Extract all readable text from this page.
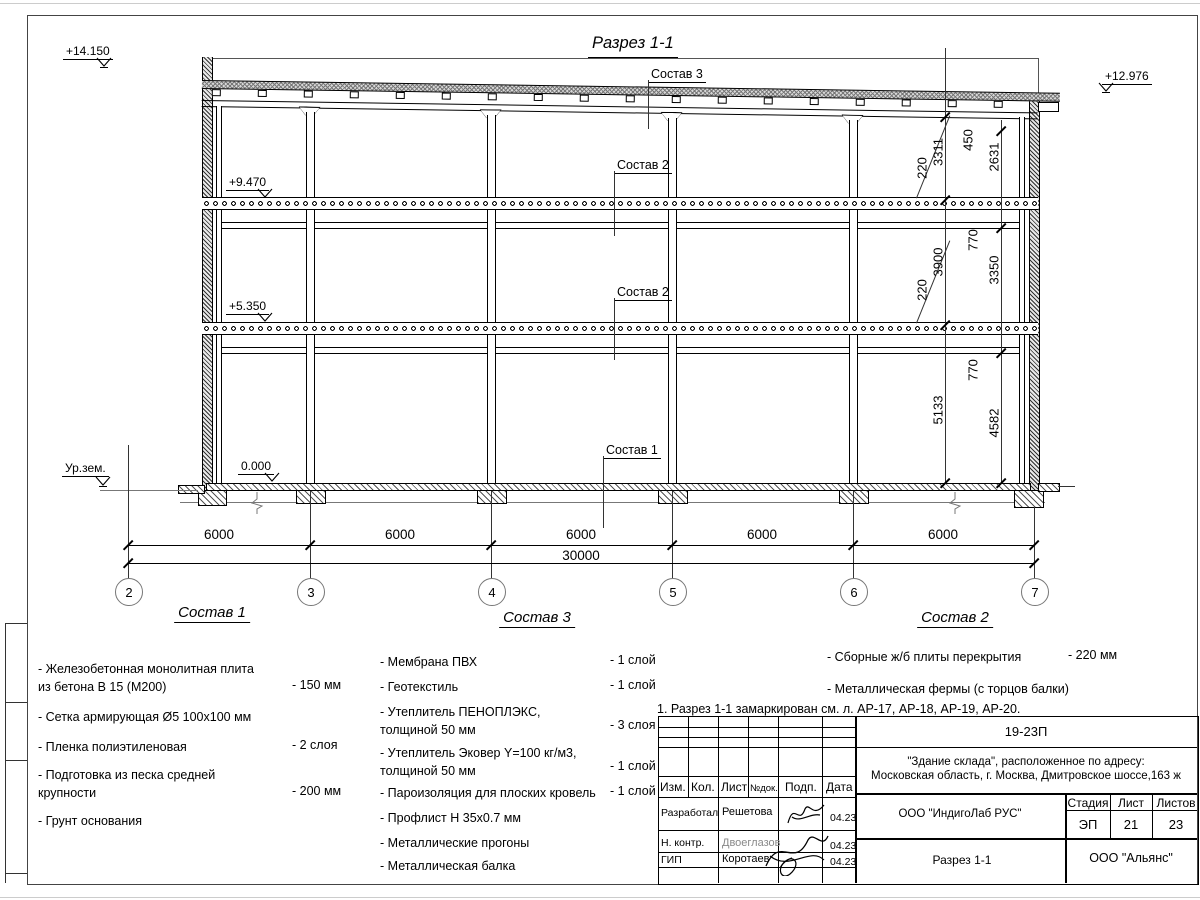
Разрез 1-1
+14.150
+12.976
+9.470
+5.350
0.000
Ур.зем.
Состав 3
Состав 2
Состав 2
Состав 1
220
220
3311
3900
5133
450
770
770
2631
3350
4582
6000	6000	6000	6000	6000
30000
2	3	4	5	6	7
Состав 1
- Железобетонная монолитная плита из бетона В 15 (М200)	- 150 мм
- Сетка армирующая Ø5 100x100 мм
- Пленка полиэтиленовая	- 2 слоя
- Подготовка из песка средней крупности	- 200 мм
- Грунт основания
Состав 3
- Мембрана ПВХ	- 1 слой
- Геотекстиль	- 1 слой
- Утеплитель ПЕНОПЛЭКС, толщиной 50 мм	- 3 слоя
- Утеплитель Эковер Y=100 кг/м3, толщиной 50 мм	- 1 слой
- Пароизоляция для плоских кровель	- 1 слой
- Профлист Н 35х0.7 мм
- Металлические прогоны
- Металлическая балка
Состав 2
- Сборные ж/б плиты перекрытия	- 220 мм
- Металлическая фермы (с торцов балки)
1. Разрез 1-1 замаркирован см. л. АР-17, АР-18, АР-19, АР-20.
Изм. Кол. Лист №док. Подп. Дата
Разработал Решетова	04.23
Н. контр. Двоеглазов	04.23
ГИП	Коротаев	04.23
19-23П
"Здание склада", расположенное по адресу:
Московская область, г. Москва, Дмитровское шоссе,163 ж
ООО "ИндигоЛаб РУС"
Стадия Лист Листов
ЭП 21 23
Разрез 1-1	ООО "Альянс"
